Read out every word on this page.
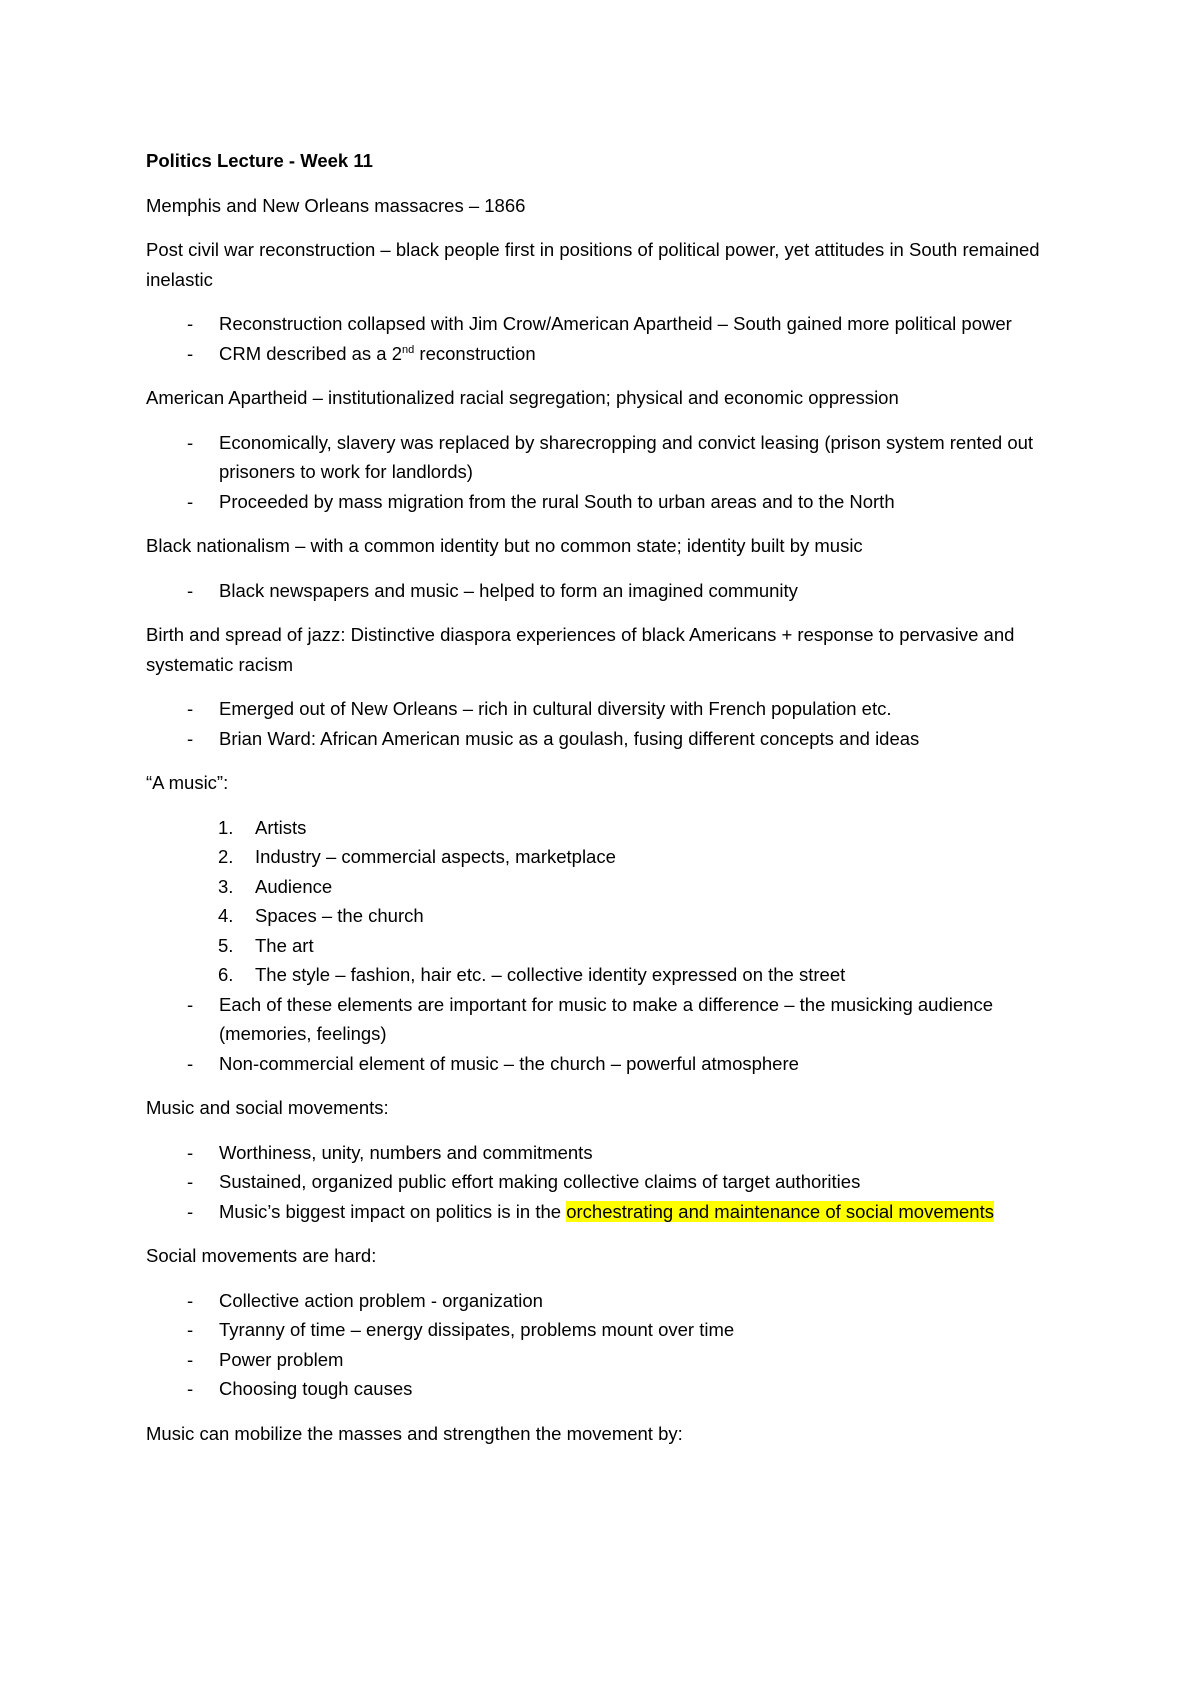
Politics Lecture - Week 11
Memphis and New Orleans massacres – 1866
Post civil war reconstruction – black people first in positions of political power, yet attitudes in South remained inelastic
- Reconstruction collapsed with Jim Crow/American Apartheid – South gained more political power
- CRM described as a 2nd reconstruction
American Apartheid – institutionalized racial segregation; physical and economic oppression
- Economically, slavery was replaced by sharecropping and convict leasing (prison system rented out prisoners to work for landlords)
- Proceeded by mass migration from the rural South to urban areas and to the North
Black nationalism – with a common identity but no common state; identity built by music
- Black newspapers and music – helped to form an imagined community
Birth and spread of jazz: Distinctive diaspora experiences of black Americans + response to pervasive and systematic racism
- Emerged out of New Orleans – rich in cultural diversity with French population etc.
- Brian Ward: African American music as a goulash, fusing different concepts and ideas
“A music”:
1. Artists
2. Industry – commercial aspects, marketplace
3. Audience
4. Spaces – the church
5. The art
6. The style – fashion, hair etc. – collective identity expressed on the street
- Each of these elements are important for music to make a difference – the musicking audience (memories, feelings)
- Non-commercial element of music – the church – powerful atmosphere
Music and social movements:
- Worthiness, unity, numbers and commitments
- Sustained, organized public effort making collective claims of target authorities
- Music’s biggest impact on politics is in the orchestrating and maintenance of social movements
Social movements are hard:
- Collective action problem - organization
- Tyranny of time – energy dissipates, problems mount over time
- Power problem
- Choosing tough causes
Music can mobilize the masses and strengthen the movement by:
